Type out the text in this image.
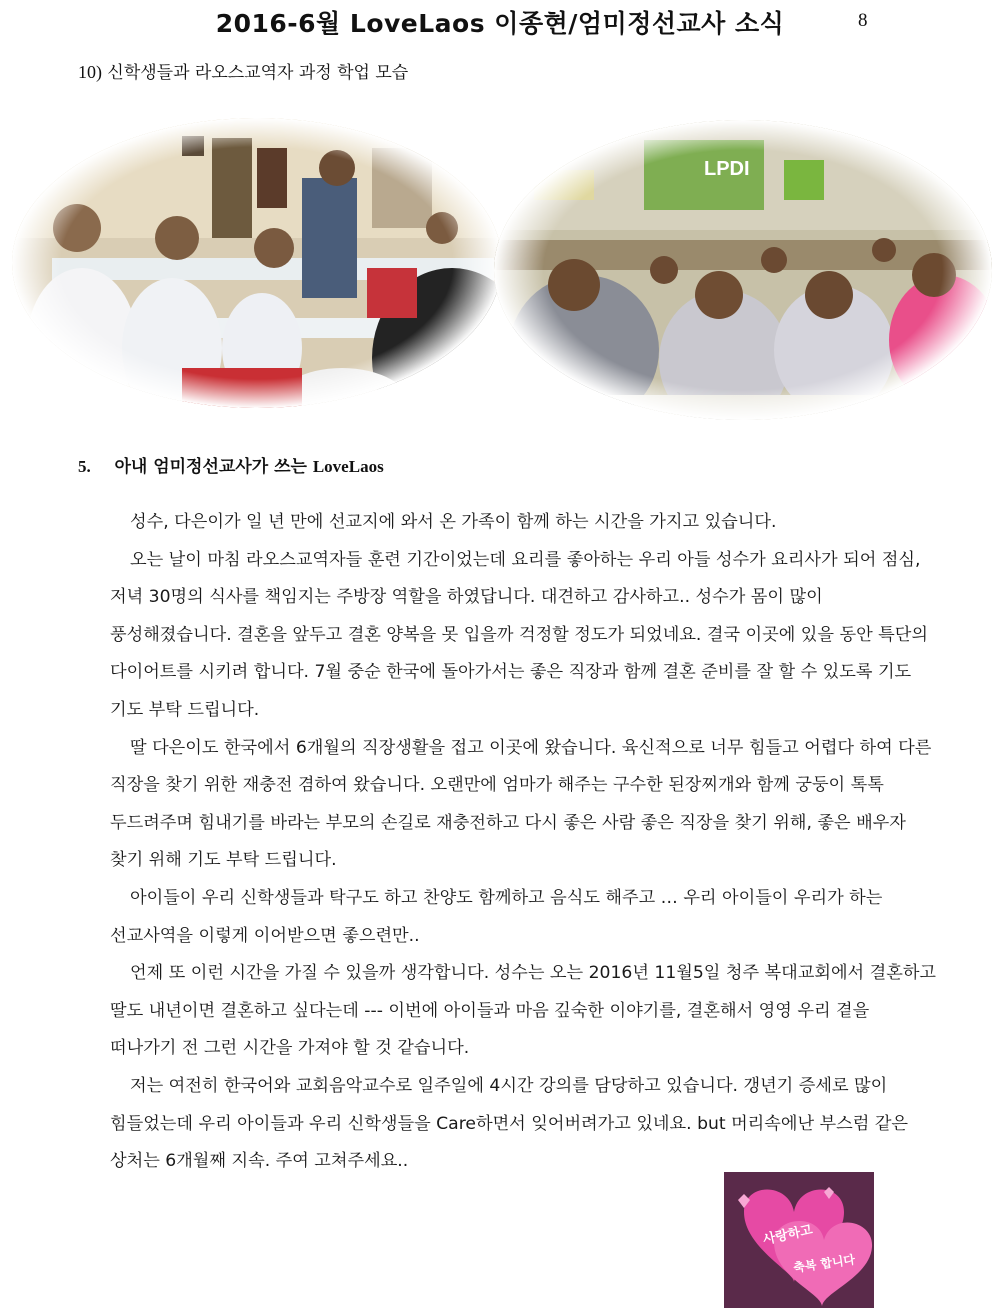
2016-6월 LoveLaos 이종현/엄미정선교사 소식	8
10) 신학생들과 라오스교역자 과정 학업 모습
5. 아내 엄미정선교사가 쓰는 LoveLaos

성수, 다은이가 일 년 만에 선교지에 와서 온 가족이 함께 하는 시간을 가지고 있습니다.

오는 날이 마침 라오스교역자들 훈련 기간이었는데 요리를 좋아하는 우리 아들 성수가 요리사가 되어 점심, 저녁 30명의 식사를 책임지는 주방장 역할을 하였답니다. 대견하고 감사하고.. 성수가 몸이 많이 풍성해졌습니다. 결혼을 앞두고 결혼 양복을 못 입을까 걱정할 정도가 되었네요. 결국 이곳에 있을 동안 특단의 다이어트를 시키려 합니다. 7월 중순 한국에 돌아가서는 좋은 직장과 함께 결혼 준비를 잘 할 수 있도록 기도 기도 부탁 드립니다.

딸 다은이도 한국에서 6개월의 직장생활을 접고 이곳에 왔습니다. 육신적으로 너무 힘들고 어렵다 하여 다른 직장을 찾기 위한 재충전 겸하여 왔습니다. 오랜만에 엄마가 해주는 구수한 된장찌개와 함께 궁둥이 톡톡 두드려주며 힘내기를 바라는 부모의 손길로 재충전하고 다시 좋은 사람 좋은 직장을 찾기 위해, 좋은 배우자 찾기 위해 기도 부탁 드립니다.

아이들이 우리 신학생들과 탁구도 하고 찬양도 함께하고 음식도 해주고 … 우리 아이들이 우리가 하는 선교사역을 이렇게 이어받으면 좋으련만..

언제 또 이런 시간을 가질 수 있을까 생각합니다. 성수는 오는 2016년 11월5일 청주 복대교회에서 결혼하고 딸도 내년이면 결혼하고 싶다는데 --- 이번에 아이들과 마음 깊숙한 이야기를, 결혼해서 영영 우리 곁을 떠나가기 전 그런 시간을 가져야 할 것 같습니다.

저는 여전히 한국어와 교회음악교수로 일주일에 4시간 강의를 담당하고 있습니다. 갱년기 증세로 많이 힘들었는데 우리 아이들과 우리 신학생들을 Care하면서 잊어버려가고 있네요. but 머리속에난 부스럼 같은 상처는 6개월째 지속. 주여 고쳐주세요..

사랑하고
축복 합니다
